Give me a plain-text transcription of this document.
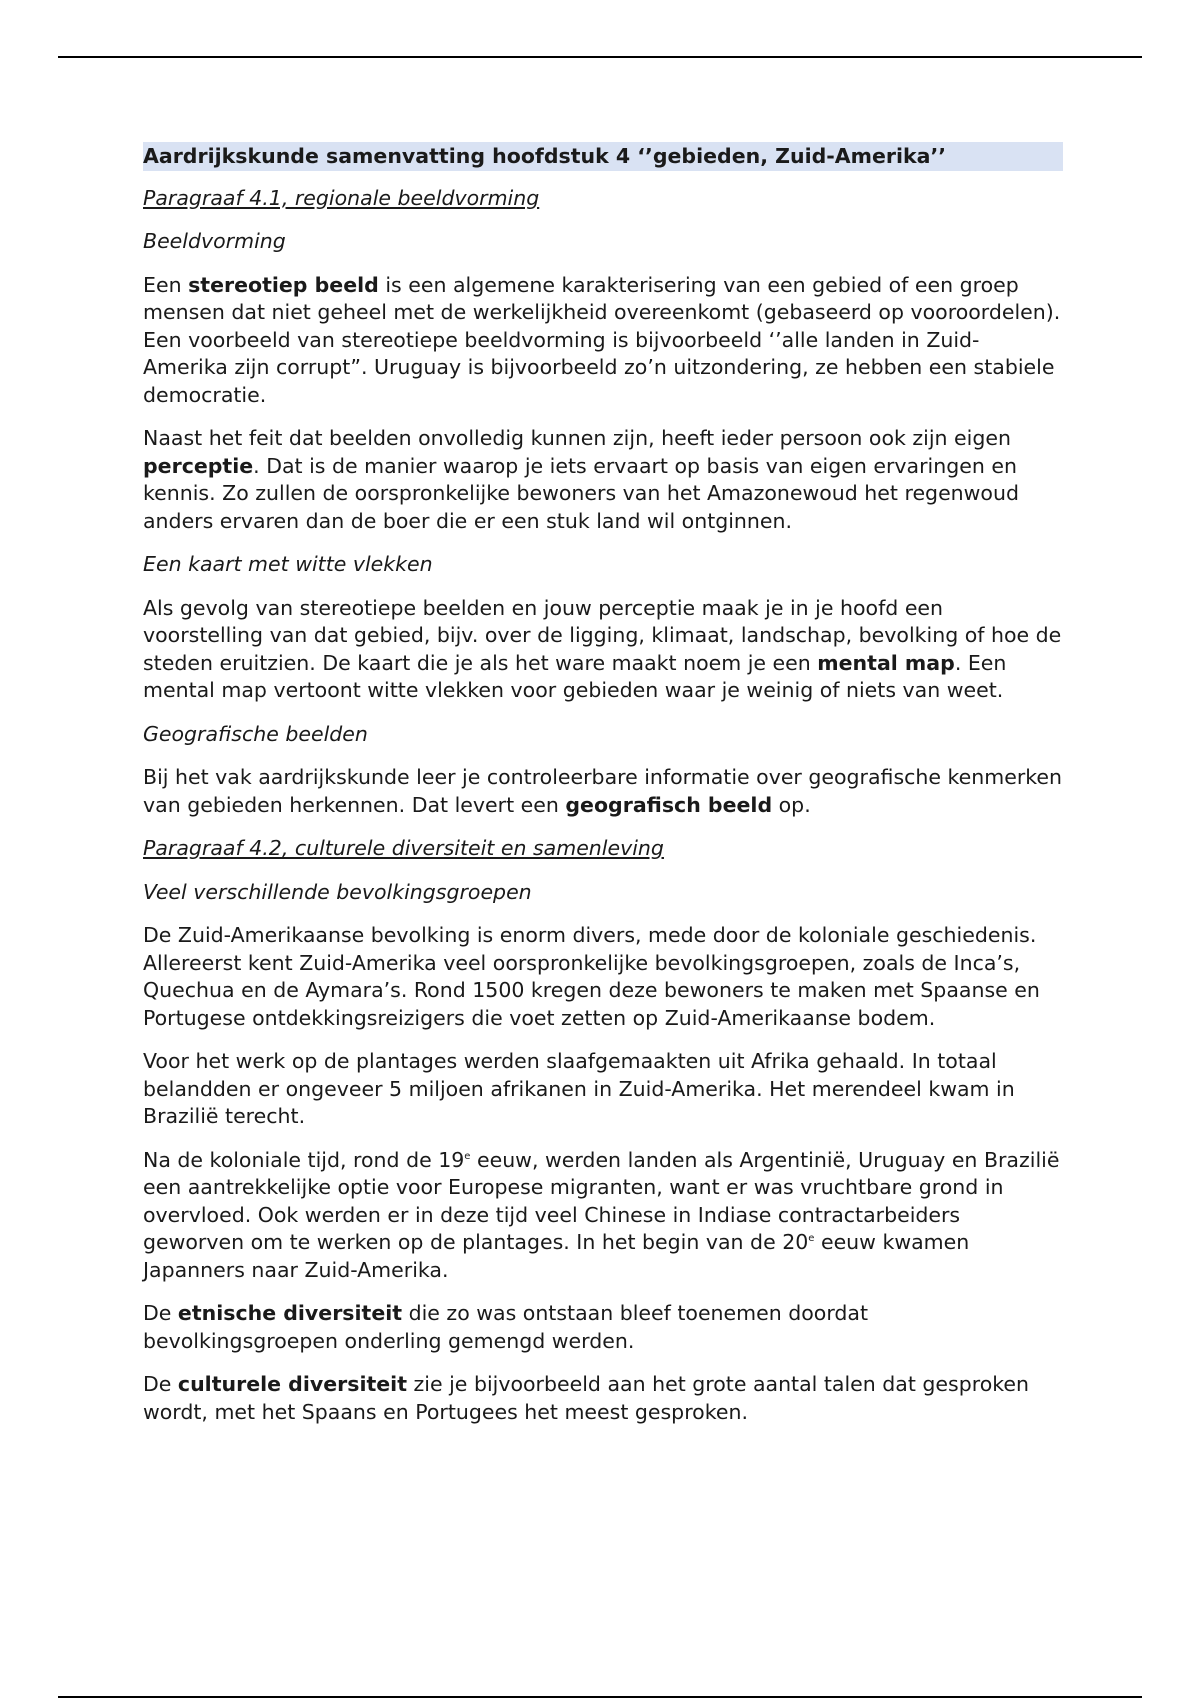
Aardrijkskunde samenvatting hoofdstuk 4 ‘’gebieden, Zuid-Amerika’’

Paragraaf 4.1, regionale beeldvorming

Beeldvorming

Een stereotiep beeld is een algemene karakterisering van een gebied of een groep mensen dat niet geheel met de werkelijkheid overeenkomt (gebaseerd op vooroordelen). Een voorbeeld van stereotiepe beeldvorming is bijvoorbeeld ‘’alle landen in Zuid-Amerika zijn corrupt”. Uruguay is bijvoorbeeld zo’n uitzondering, ze hebben een stabiele democratie.

Naast het feit dat beelden onvolledig kunnen zijn, heeft ieder persoon ook zijn eigen perceptie. Dat is de manier waarop je iets ervaart op basis van eigen ervaringen en kennis. Zo zullen de oorspronkelijke bewoners van het Amazonewoud het regenwoud anders ervaren dan de boer die er een stuk land wil ontginnen.

Een kaart met witte vlekken

Als gevolg van stereotiepe beelden en jouw perceptie maak je in je hoofd een voorstelling van dat gebied, bijv. over de ligging, klimaat, landschap, bevolking of hoe de steden eruitzien. De kaart die je als het ware maakt noem je een mental map. Een mental map vertoont witte vlekken voor gebieden waar je weinig of niets van weet.

Geografische beelden

Bij het vak aardrijkskunde leer je controleerbare informatie over geografische kenmerken van gebieden herkennen. Dat levert een geografisch beeld op.

Paragraaf 4.2, culturele diversiteit en samenleving

Veel verschillende bevolkingsgroepen

De Zuid-Amerikaanse bevolking is enorm divers, mede door de koloniale geschiedenis. Allereerst kent Zuid-Amerika veel oorspronkelijke bevolkingsgroepen, zoals de Inca’s, Quechua en de Aymara’s. Rond 1500 kregen deze bewoners te maken met Spaanse en Portugese ontdekkingsreizigers die voet zetten op Zuid-Amerikaanse bodem.

Voor het werk op de plantages werden slaafgemaakten uit Afrika gehaald. In totaal belandden er ongeveer 5 miljoen afrikanen in Zuid-Amerika. Het merendeel kwam in Brazilië terecht.

Na de koloniale tijd, rond de 19e eeuw, werden landen als Argentinië, Uruguay en Brazilië een aantrekkelijke optie voor Europese migranten, want er was vruchtbare grond in overvloed. Ook werden er in deze tijd veel Chinese in Indiase contractarbeiders geworven om te werken op de plantages. In het begin van de 20e eeuw kwamen Japanners naar Zuid-Amerika.

De etnische diversiteit die zo was ontstaan bleef toenemen doordat bevolkingsgroepen onderling gemengd werden.

De culturele diversiteit zie je bijvoorbeeld aan het grote aantal talen dat gesproken wordt, met het Spaans en Portugees het meest gesproken.
